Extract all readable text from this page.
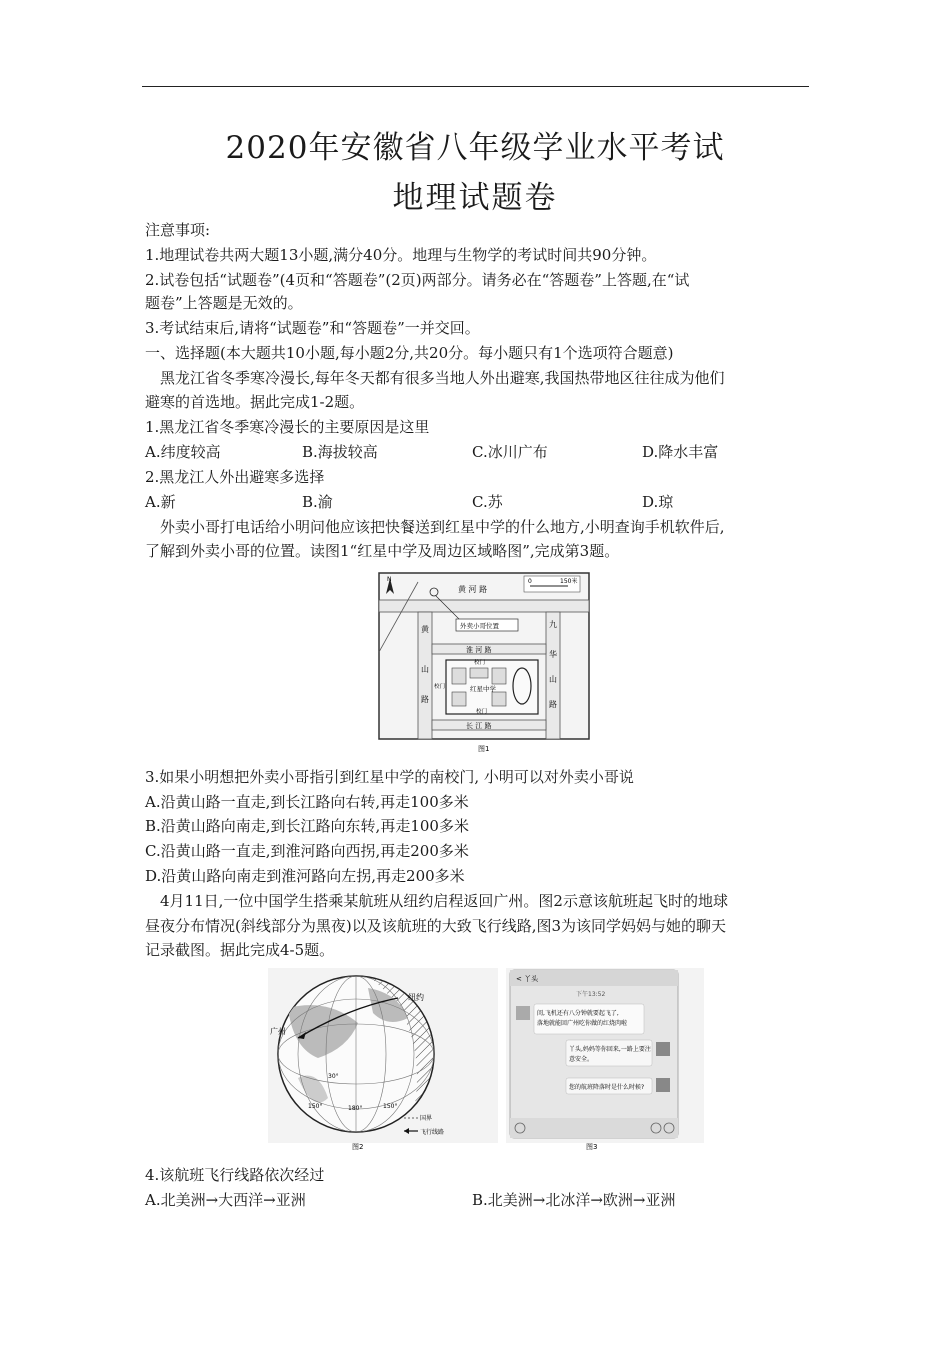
2020年安徽省八年级学业水平考试
地理试题卷
注意事项:
1.地理试卷共两大题13小题,满分40分。地理与生物学的考试时间共90分钟。
2.试卷包括“试题卷”(4页和“答题卷”(2页)两部分。请务必在“答题卷”上答题,在“试
题卷”上答题是无效的。
3.考试结束后,请将“试题卷”和“答题卷”一并交回。
一、选择题(本大题共10小题,每小题2分,共20分。每小题只有1个选项符合题意)
黑龙江省冬季寒冷漫长,每年冬天都有很多当地人外出避寒,我国热带地区往往成为他们
避寒的首选地。据此完成1-2题。
1.黑龙江省冬季寒冷漫长的主要原因是这里
A.纬度较高	B.海拔较高	C.冰川广布	D.降水丰富
2.黑龙江人外出避寒多选择
A.新	B.渝	C.苏	D.琼
外卖小哥打电话给小明问他应该把快餐送到红星中学的什么地方,小明查询手机软件后,
了解到外卖小哥的位置。读图1“红星中学及周边区域略图”,完成第3题。
N	0	150米
黄 河 路
黄
山
路
九
华
山
路
淮 河 路
长 江 路
外卖小哥位置
校门
校门
校门	红星中学
图1
3.如果小明想把外卖小哥指引到红星中学的南校门, 小明可以对外卖小哥说
A.沿黄山路一直走,到长江路向右转,再走100多米
B.沿黄山路向南走,到长江路向东转,再走100多米
C.沿黄山路一直走,到淮河路向西拐,再走200多米
D.沿黄山路向南走到淮河路向左拐,再走200多米
4月11日,一位中国学生搭乘某航班从纽约启程返回广州。图2示意该航班起飞时的地球
昼夜分布情况(斜线部分为黑夜)以及该航班的大致飞行线路,图3为该同学妈妈与她的聊天
记录截图。据此完成4-5题。
纽约
广州
30°
150°	150°
180°
国界
飞行线路
图2
< 丫头
下午13:52
闺,飞机还有八分钟就要起飞了,
落地就能回广州吃你做的红烧肉啦
丫头,妈妈等你回来,一路上要注
意安全。
您的航班降落时是什么时候?
图3
4.该航班飞行线路依次经过
A.北美洲→大西洋→亚洲	B.北美洲→北冰洋→欧洲→亚洲
